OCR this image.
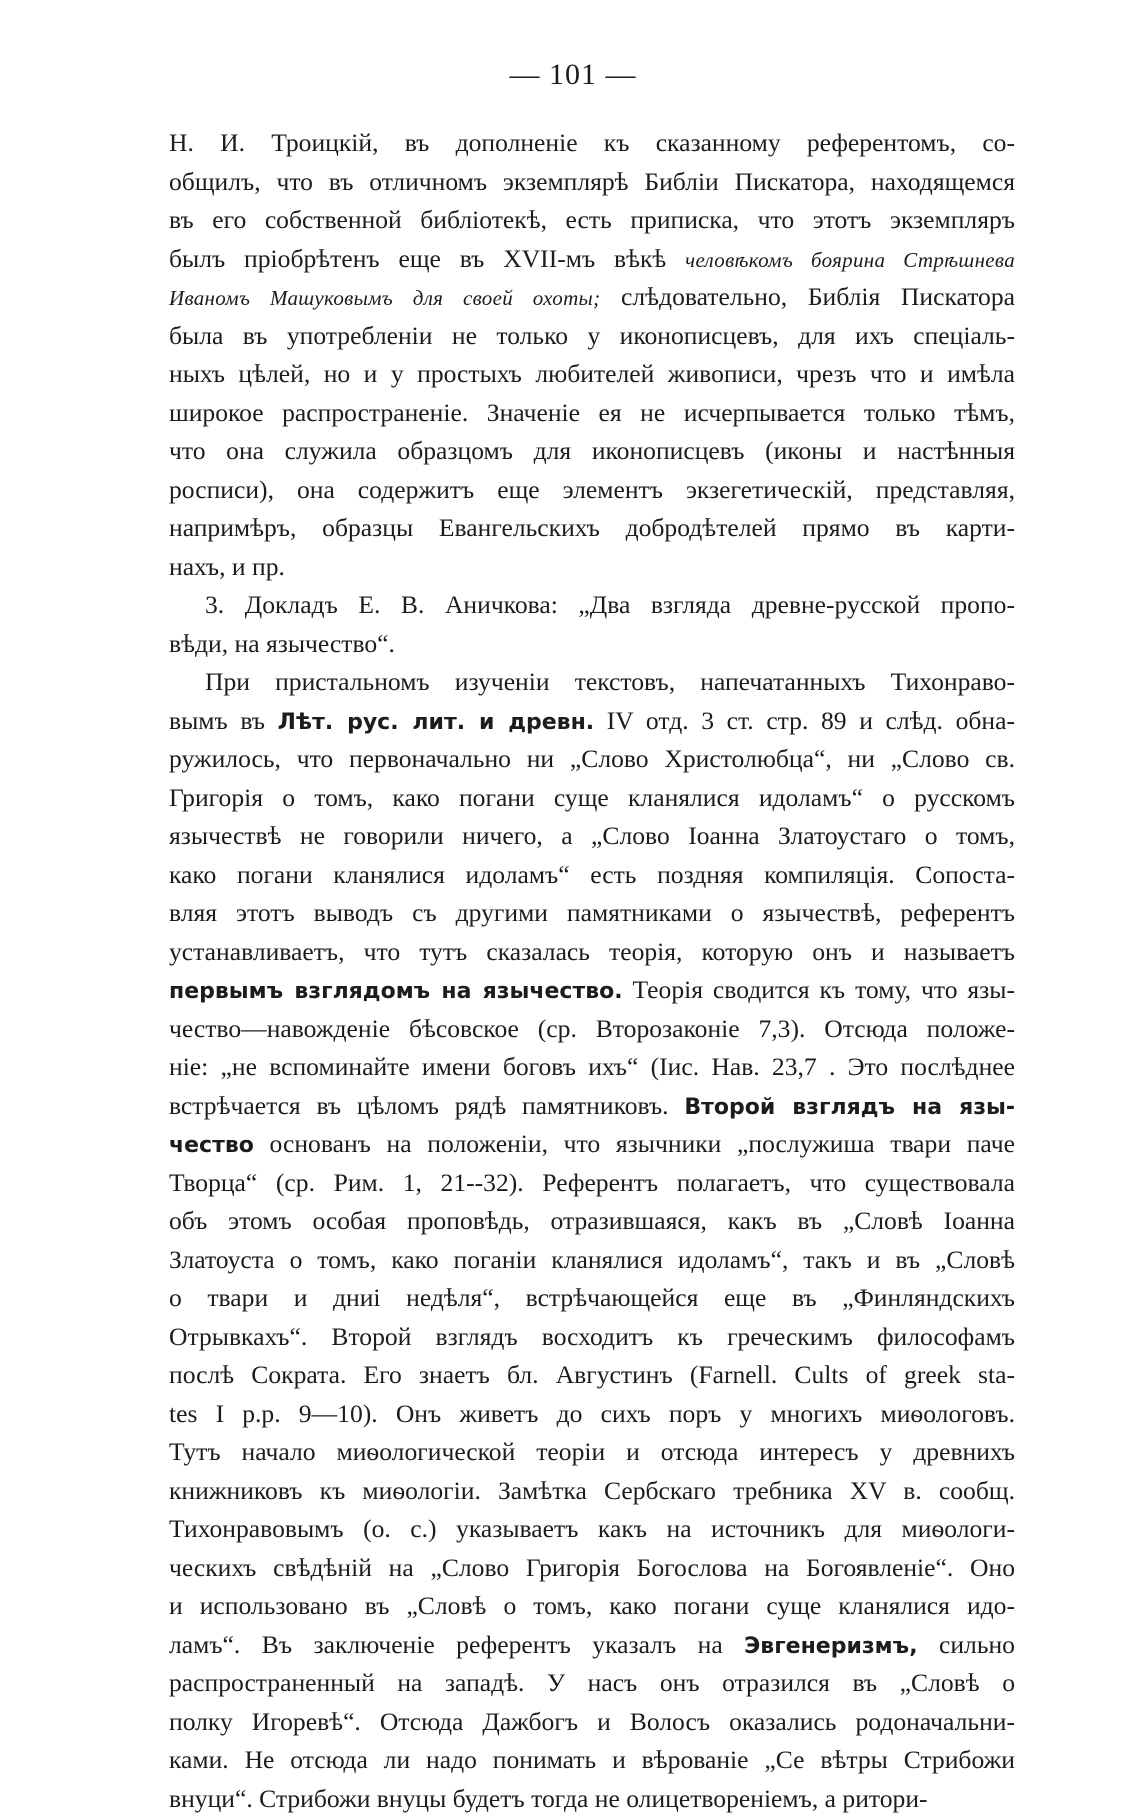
— 101 —
Н. И. Троицкій, въ дополненіе къ сказанному референтомъ, со-
общилъ, что въ отличномъ экземплярѣ Библіи Пискатора, находящемся
въ его собственной библіотекѣ, есть приписка, что этотъ экземпляръ
былъ пріобрѣтенъ еще въ XVII-мъ вѣкѣ человѣкомъ боярина Стрѣшнева
Иваномъ Машуковымъ для своей охоты; слѣдовательно, Библія Пискатора
была въ употребленіи не только у иконописцевъ, для ихъ спеціаль-
ныхъ цѣлей, но и у простыхъ любителей живописи, чрезъ что и имѣла
широкое распространеніе. Значеніе ея не исчерпывается только тѣмъ,
что она служила образцомъ для иконописцевъ (иконы и настѣнныя
росписи), она содержитъ еще элементъ экзегетическій, представляя,
напримѣръ, образцы Евангельскихъ добродѣтелей прямо въ карти-
нахъ, и пр.
3. Докладъ Е. В. Аничкова: „Два взгляда древне-русской пропо-
вѣди, на язычество“.
При пристальномъ изученіи текстовъ, напечатанныхъ Тихонраво-
вымъ въ Лѣт. рус. лит. и древн. IV отд. 3 ст. стр. 89 и слѣд. обна-
ружилось, что первоначально ни „Слово Христолюбца“, ни „Слово св.
Григорія о томъ, како погани суще кланялися идоламъ“ о русскомъ
язычествѣ не говорили ничего, а „Слово Іоанна Златоустаго о томъ,
како погани кланялися идоламъ“ есть поздняя компиляція. Сопоста-
вляя этотъ выводъ съ другими памятниками о язычествѣ, референтъ
устанавливаетъ, что тутъ сказалась теорія, которую онъ и называетъ
первымъ взглядомъ на язычество. Теорія сводится къ тому, что язы-
чество—навожденіе бѣсовское (ср. Второзаконіе 7,3). Отсюда положе-
ніе: „не вспоминайте имени боговъ ихъ“ (Іис. Нав. 23,7 . Это послѣднее
встрѣчается въ цѣломъ рядѣ памятниковъ. Второй взглядъ на язы-
чество основанъ на положеніи, что язычники „послужиша твари паче
Творца“ (ср. Рим. 1, 21--32). Референтъ полагаетъ, что существовала
объ этомъ особая проповѣдь, отразившаяся, какъ въ „Словѣ Іоанна
Златоуста о томъ, како поганіи кланялися идоламъ“, такъ и въ „Словѣ
о твари и дниі недѣля“, встрѣчающейся еще въ „Финляндскихъ
Отрывкахъ“. Второй взглядъ восходитъ къ греческимъ философамъ
послѣ Сократа. Его знаетъ бл. Августинъ (Farnell. Cults of greek sta-
tes I p.p. 9—10). Онъ живетъ до сихъ поръ у многихъ миѳологовъ.
Тутъ начало миѳологической теоріи и отсюда интересъ у древнихъ
книжниковъ къ миѳологіи. Замѣтка Сербскаго требника XV в. сообщ.
Тихонравовымъ (о. с.) указываетъ какъ на источникъ для миѳологи-
ческихъ свѣдѣній на „Слово Григорія Богослова на Богоявленіе“. Оно
и использовано въ „Словѣ о томъ, како погани суще кланялися идо-
ламъ“. Въ заключеніе референтъ указалъ на Эвгенеризмъ, сильно
распространенный на западѣ. У насъ онъ отразился въ „Словѣ о
полку Игоревѣ“. Отсюда Дажбогъ и Волосъ оказались родоначальни-
ками. Не отсюда ли надо понимать и вѣрованіе „Се вѣтры Стрибожи
внуци“. Стрибожи внуцы будетъ тогда не олицетвореніемъ, а ритори-
